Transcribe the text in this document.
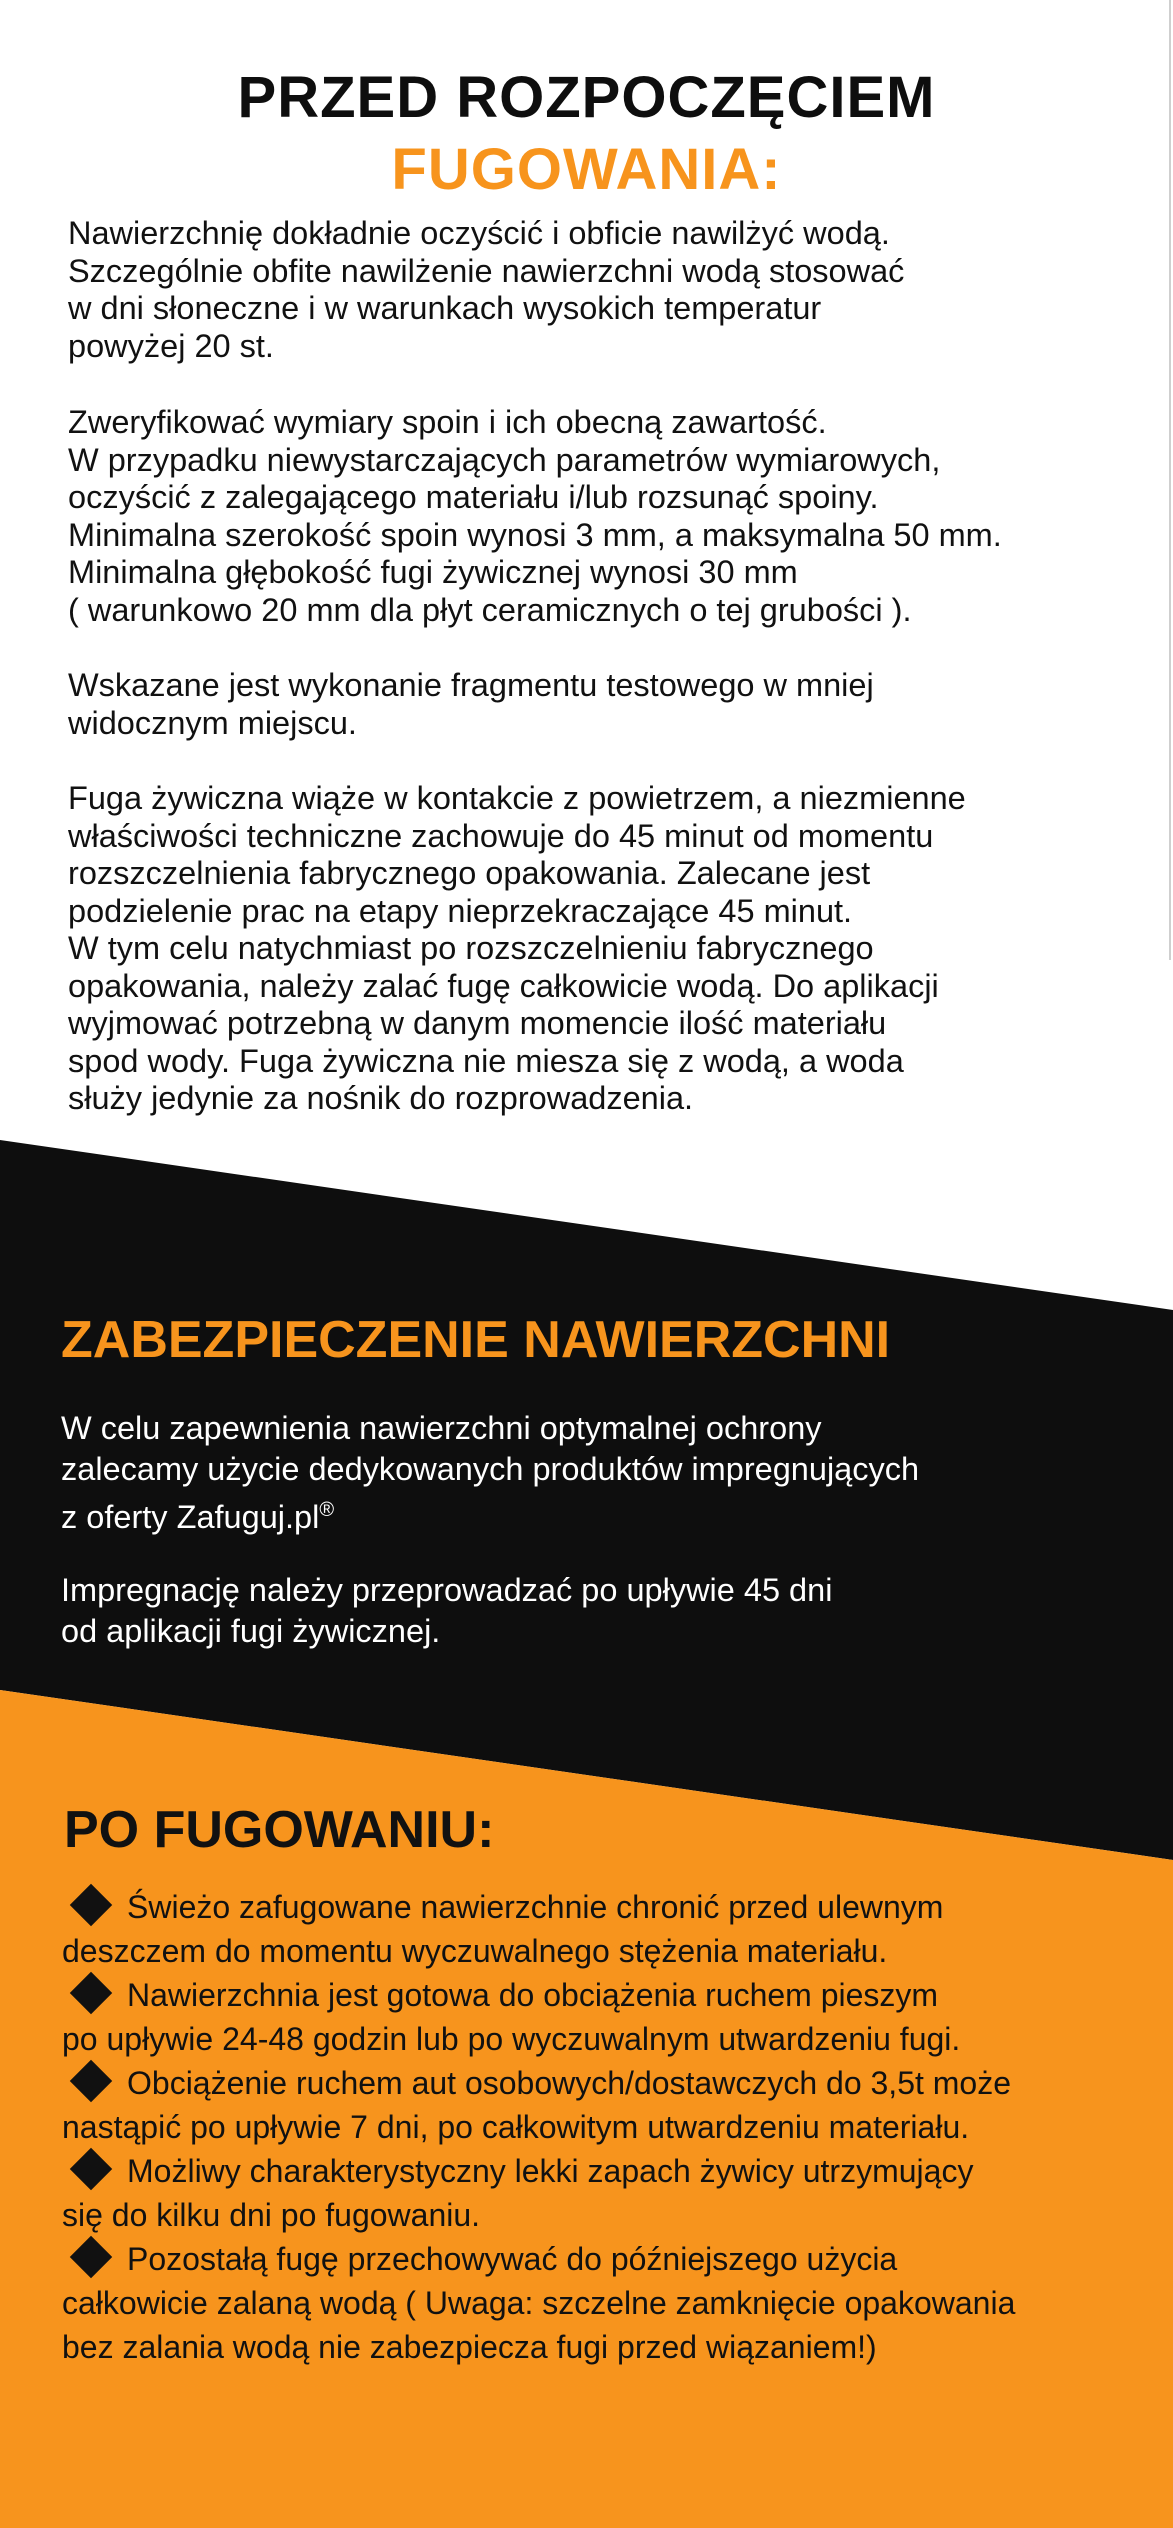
PRZED ROZPOCZĘCIEM
FUGOWANIA:

Nawierzchnię dokładnie oczyścić i obficie nawilżyć wodą.
Szczególnie obfite nawilżenie nawierzchni wodą stosować
w dni słoneczne i w warunkach wysokich temperatur
powyżej 20 st.

Zweryfikować wymiary spoin i ich obecną zawartość.
W przypadku niewystarczających parametrów wymiarowych,
oczyścić z zalegającego materiału i/lub rozsunąć spoiny.
Minimalna szerokość spoin wynosi 3 mm, a maksymalna 50 mm.
Minimalna głębokość fugi żywicznej wynosi 30 mm
( warunkowo 20 mm dla płyt ceramicznych o tej grubości ).

Wskazane jest wykonanie fragmentu testowego w mniej
widocznym miejscu.

Fuga żywiczna wiąże w kontakcie z powietrzem, a niezmienne
właściwości techniczne zachowuje do 45 minut od momentu
rozszczelnienia fabrycznego opakowania. Zalecane jest
podzielenie prac na etapy nieprzekraczające 45 minut.
W tym celu natychmiast po rozszczelnieniu fabrycznego
opakowania, należy zalać fugę całkowicie wodą. Do aplikacji
wyjmować potrzebną w danym momencie ilość materiału
spod wody. Fuga żywiczna nie miesza się z wodą, a woda
służy jedynie za nośnik do rozprowadzenia.

ZABEZPIECZENIE NAWIERZCHNI

W celu zapewnienia nawierzchni optymalnej ochrony
zalecamy użycie dedykowanych produktów impregnujących
z oferty Zafuguj.pl®

Impregnację należy przeprowadzać po upływie 45 dni
od aplikacji fugi żywicznej.

PO FUGOWANIU:
Świeżo zafugowane nawierzchnie chronić przed ulewnym
deszczem do momentu wyczuwalnego stężenia materiału.
Nawierzchnia jest gotowa do obciążenia ruchem pieszym
po upływie 24-48 godzin lub po wyczuwalnym utwardzeniu fugi.
Obciążenie ruchem aut osobowych/dostawczych do 3,5t może
nastąpić po upływie 7 dni, po całkowitym utwardzeniu materiału.
Możliwy charakterystyczny lekki zapach żywicy utrzymujący
się do kilku dni po fugowaniu.
Pozostałą fugę przechowywać do późniejszego użycia
całkowicie zalaną wodą ( Uwaga: szczelne zamknięcie opakowania
bez zalania wodą nie zabezpiecza fugi przed wiązaniem!)
